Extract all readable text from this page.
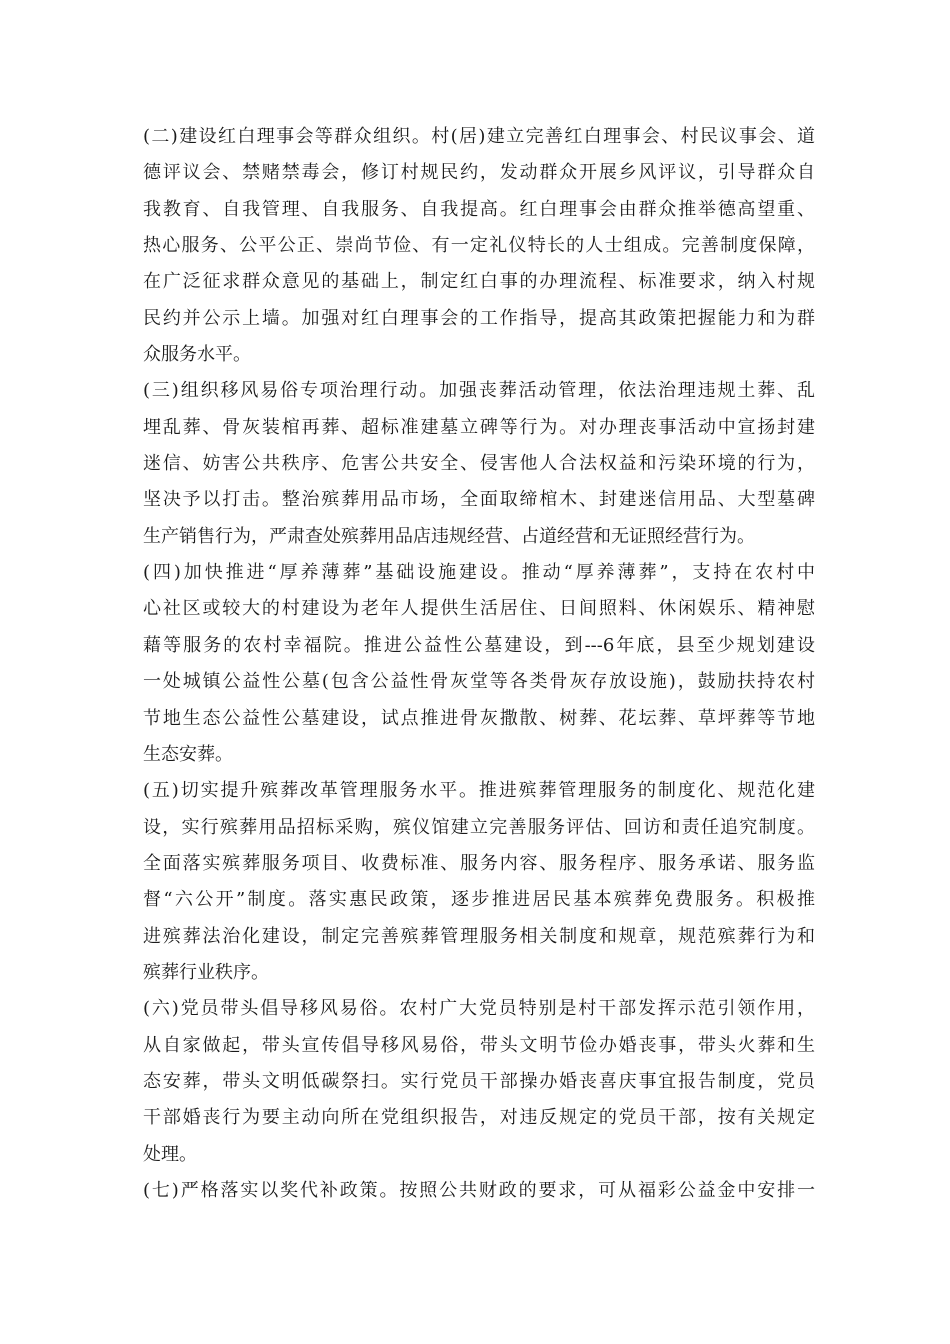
(二)建设红白理事会等群众组织。村(居)建立完善红白理事会、村民议事会、道
德评议会、禁赌禁毒会，修订村规民约，发动群众开展乡风评议，引导群众自
我教育、自我管理、自我服务、自我提高。红白理事会由群众推举德高望重、
热心服务、公平公正、崇尚节俭、有一定礼仪特长的人士组成。完善制度保障，
在广泛征求群众意见的基础上，制定红白事的办理流程、标准要求，纳入村规
民约并公示上墙。加强对红白理事会的工作指导，提高其政策把握能力和为群
众服务水平。
(三)组织移风易俗专项治理行动。加强丧葬活动管理，依法治理违规土葬、乱
埋乱葬、骨灰装棺再葬、超标准建墓立碑等行为。对办理丧事活动中宣扬封建
迷信、妨害公共秩序、危害公共安全、侵害他人合法权益和污染环境的行为，
坚决予以打击。整治殡葬用品市场，全面取缔棺木、封建迷信用品、大型墓碑
生产销售行为，严肃查处殡葬用品店违规经营、占道经营和无证照经营行为。
(四)加快推进“厚养薄葬”基础设施建设。推动“厚养薄葬”，支持在农村中
心社区或较大的村建设为老年人提供生活居住、日间照料、休闲娱乐、精神慰
藉等服务的农村幸福院。推进公益性公墓建设，到---6年底，县至少规划建设
一处城镇公益性公墓(包含公益性骨灰堂等各类骨灰存放设施)，鼓励扶持农村
节地生态公益性公墓建设，试点推进骨灰撒散、树葬、花坛葬、草坪葬等节地
生态安葬。
(五)切实提升殡葬改革管理服务水平。推进殡葬管理服务的制度化、规范化建
设，实行殡葬用品招标采购，殡仪馆建立完善服务评估、回访和责任追究制度。
全面落实殡葬服务项目、收费标准、服务内容、服务程序、服务承诺、服务监
督“六公开”制度。落实惠民政策，逐步推进居民基本殡葬免费服务。积极推
进殡葬法治化建设，制定完善殡葬管理服务相关制度和规章，规范殡葬行为和
殡葬行业秩序。
(六)党员带头倡导移风易俗。农村广大党员特别是村干部发挥示范引领作用，
从自家做起，带头宣传倡导移风易俗，带头文明节俭办婚丧事，带头火葬和生
态安葬，带头文明低碳祭扫。实行党员干部操办婚丧喜庆事宜报告制度，党员
干部婚丧行为要主动向所在党组织报告，对违反规定的党员干部，按有关规定
处理。
(七)严格落实以奖代补政策。按照公共财政的要求，可从福彩公益金中安排一
